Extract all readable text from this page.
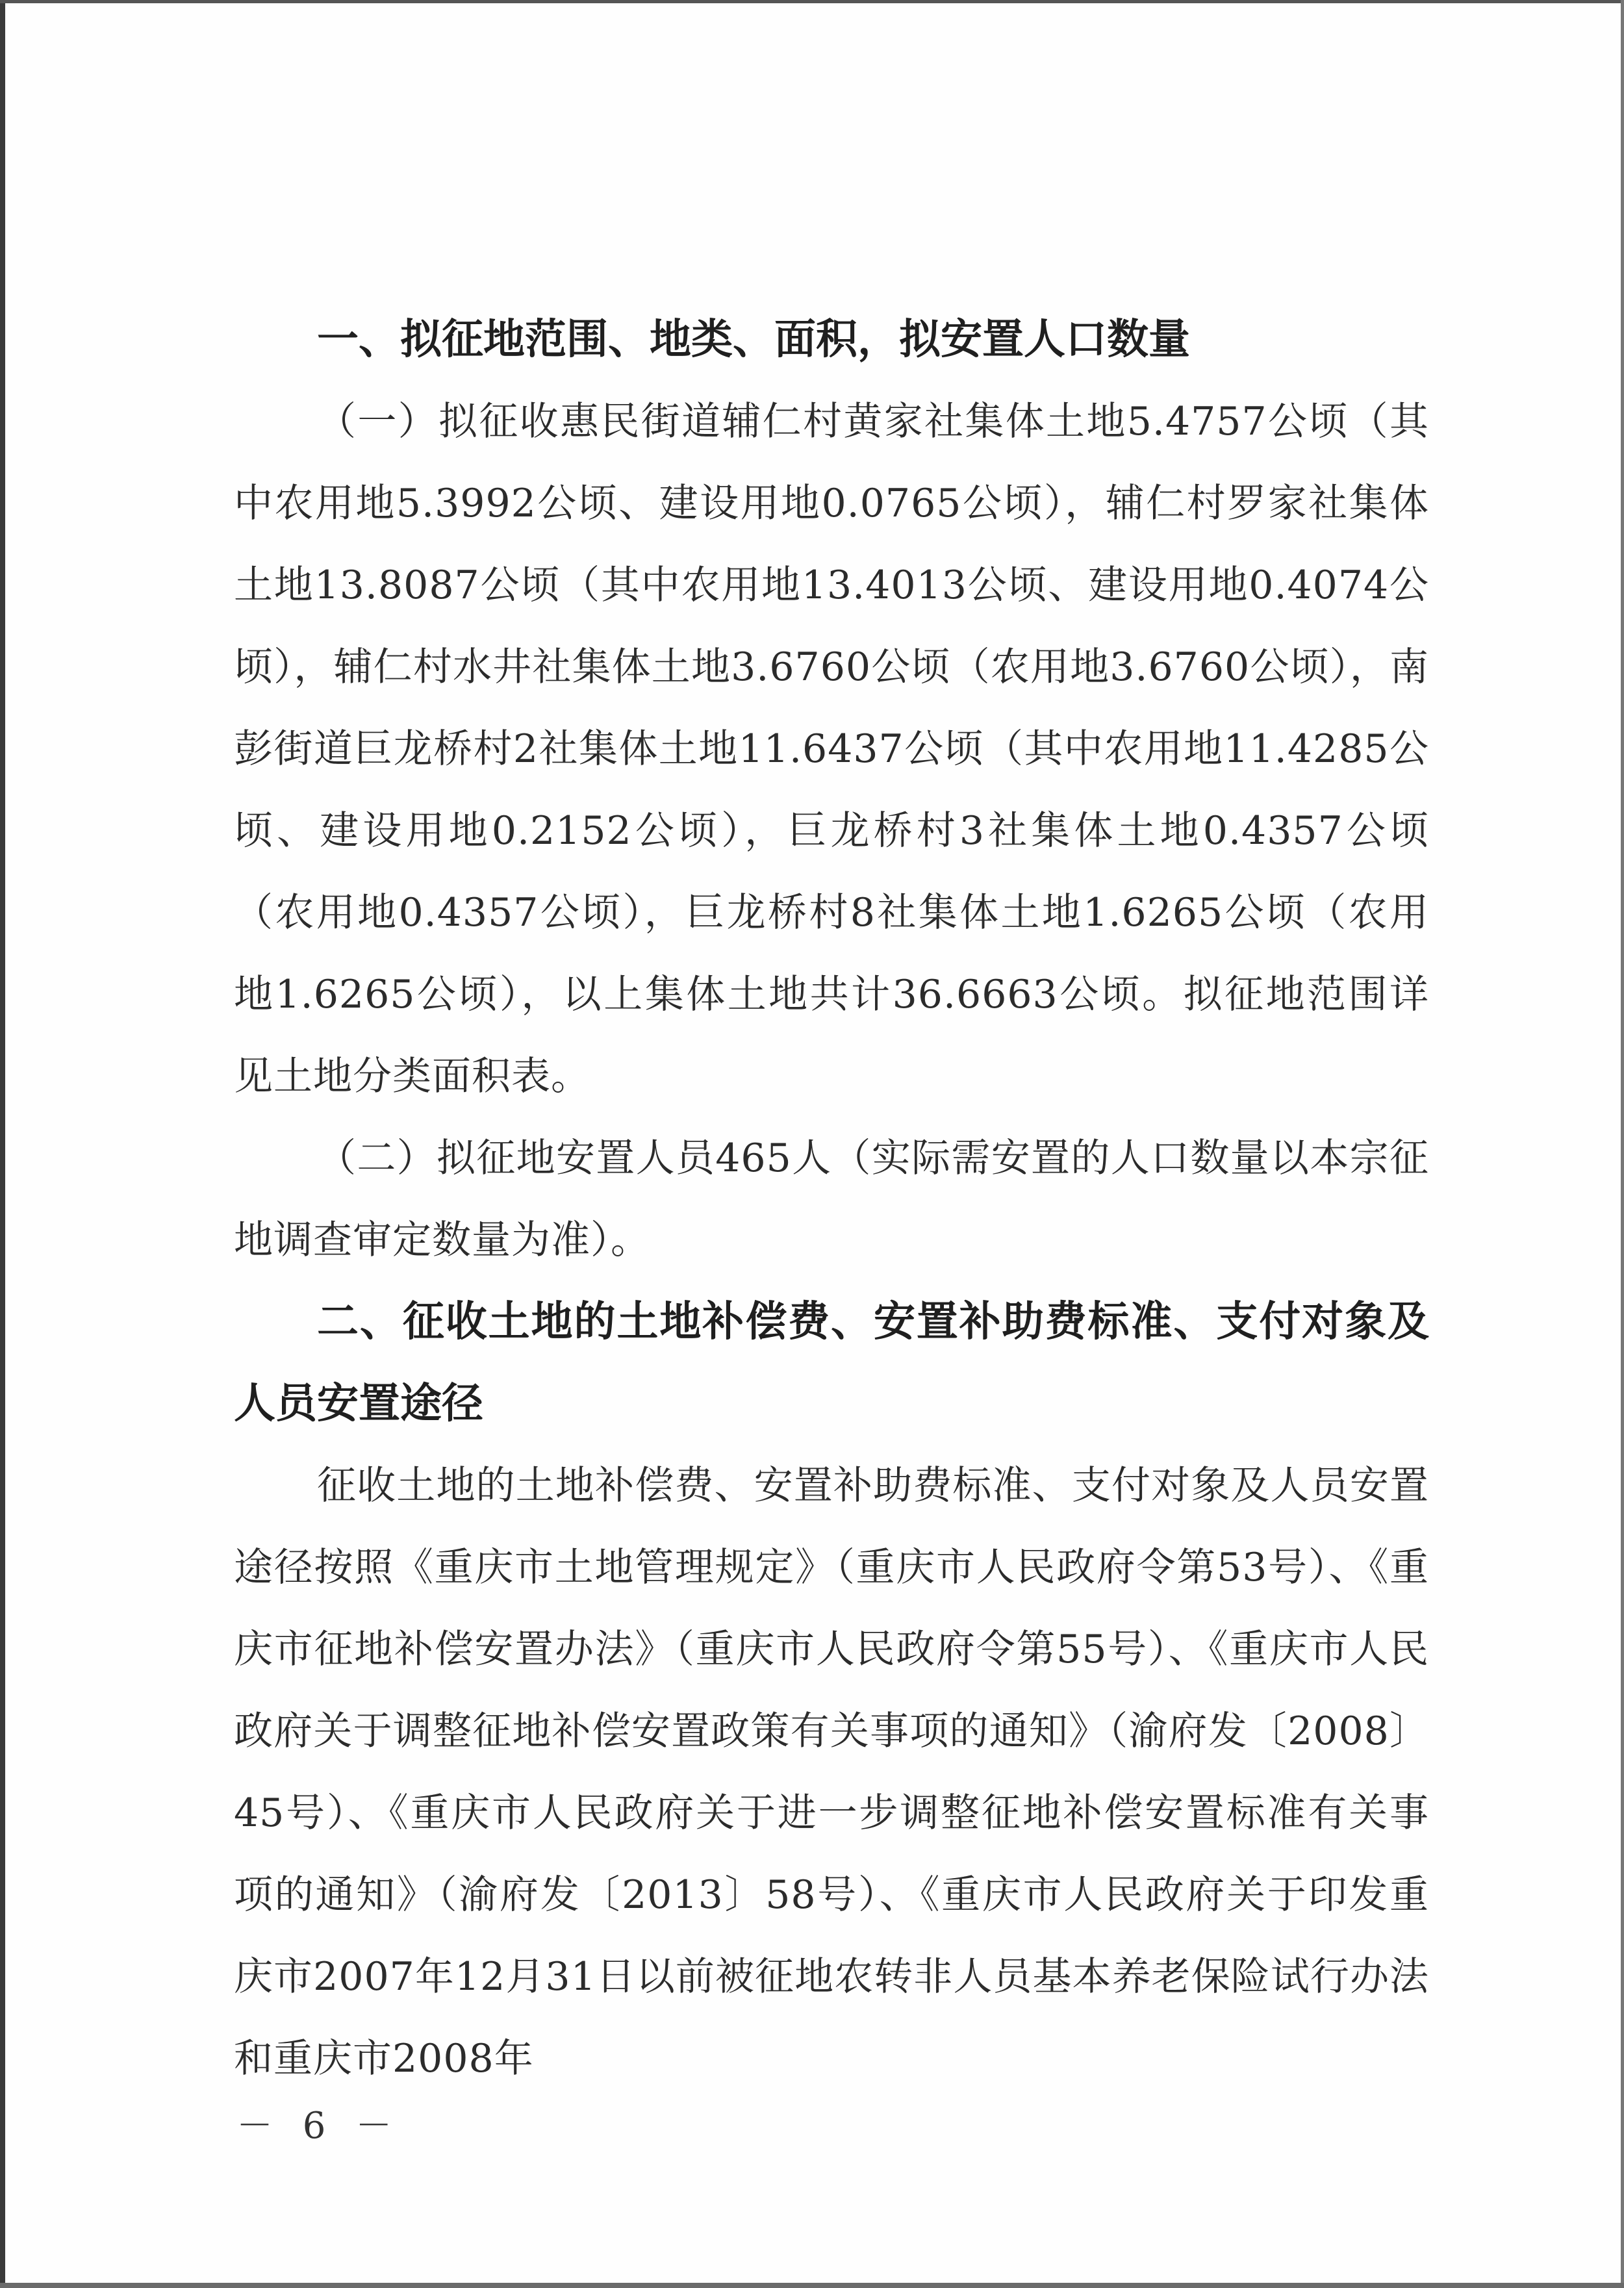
一、拟征地范围、地类、面积，拟安置人口数量

（一）拟征收惠民街道辅仁村黄家社集体土地5.4757公顷（其中农用地5.3992公顷、建设用地0.0765公顷），辅仁村罗家社集体土地13.8087公顷（其中农用地13.4013公顷、建设用地0.4074公顷），辅仁村水井社集体土地3.6760公顷（农用地3.6760公顷），南彭街道巨龙桥村2社集体土地11.6437公顷（其中农用地11.4285公顷、建设用地0.2152公顷），巨龙桥村3社集体土地0.4357公顷（农用地0.4357公顷），巨龙桥村8社集体土地1.6265公顷（农用地1.6265公顷），以上集体土地共计36.6663公顷。拟征地范围详见土地分类面积表。

（二）拟征地安置人员465人（实际需安置的人口数量以本宗征地调查审定数量为准）。

二、征收土地的土地补偿费、安置补助费标准、支付对象及人员安置途径

征收土地的土地补偿费、安置补助费标准、支付对象及人员安置途径按照《重庆市土地管理规定》（重庆市人民政府令第53号）、《重庆市征地补偿安置办法》（重庆市人民政府令第55号）、《重庆市人民政府关于调整征地补偿安置政策有关事项的通知》（渝府发〔2008〕45号）、《重庆市人民政府关于进一步调整征地补偿安置标准有关事项的通知》（渝府发〔2013〕58号）、《重庆市人民政府关于印发重庆市2007年12月31日以前被征地农转非人员基本养老保险试行办法和重庆市2008年

－ 6 －
